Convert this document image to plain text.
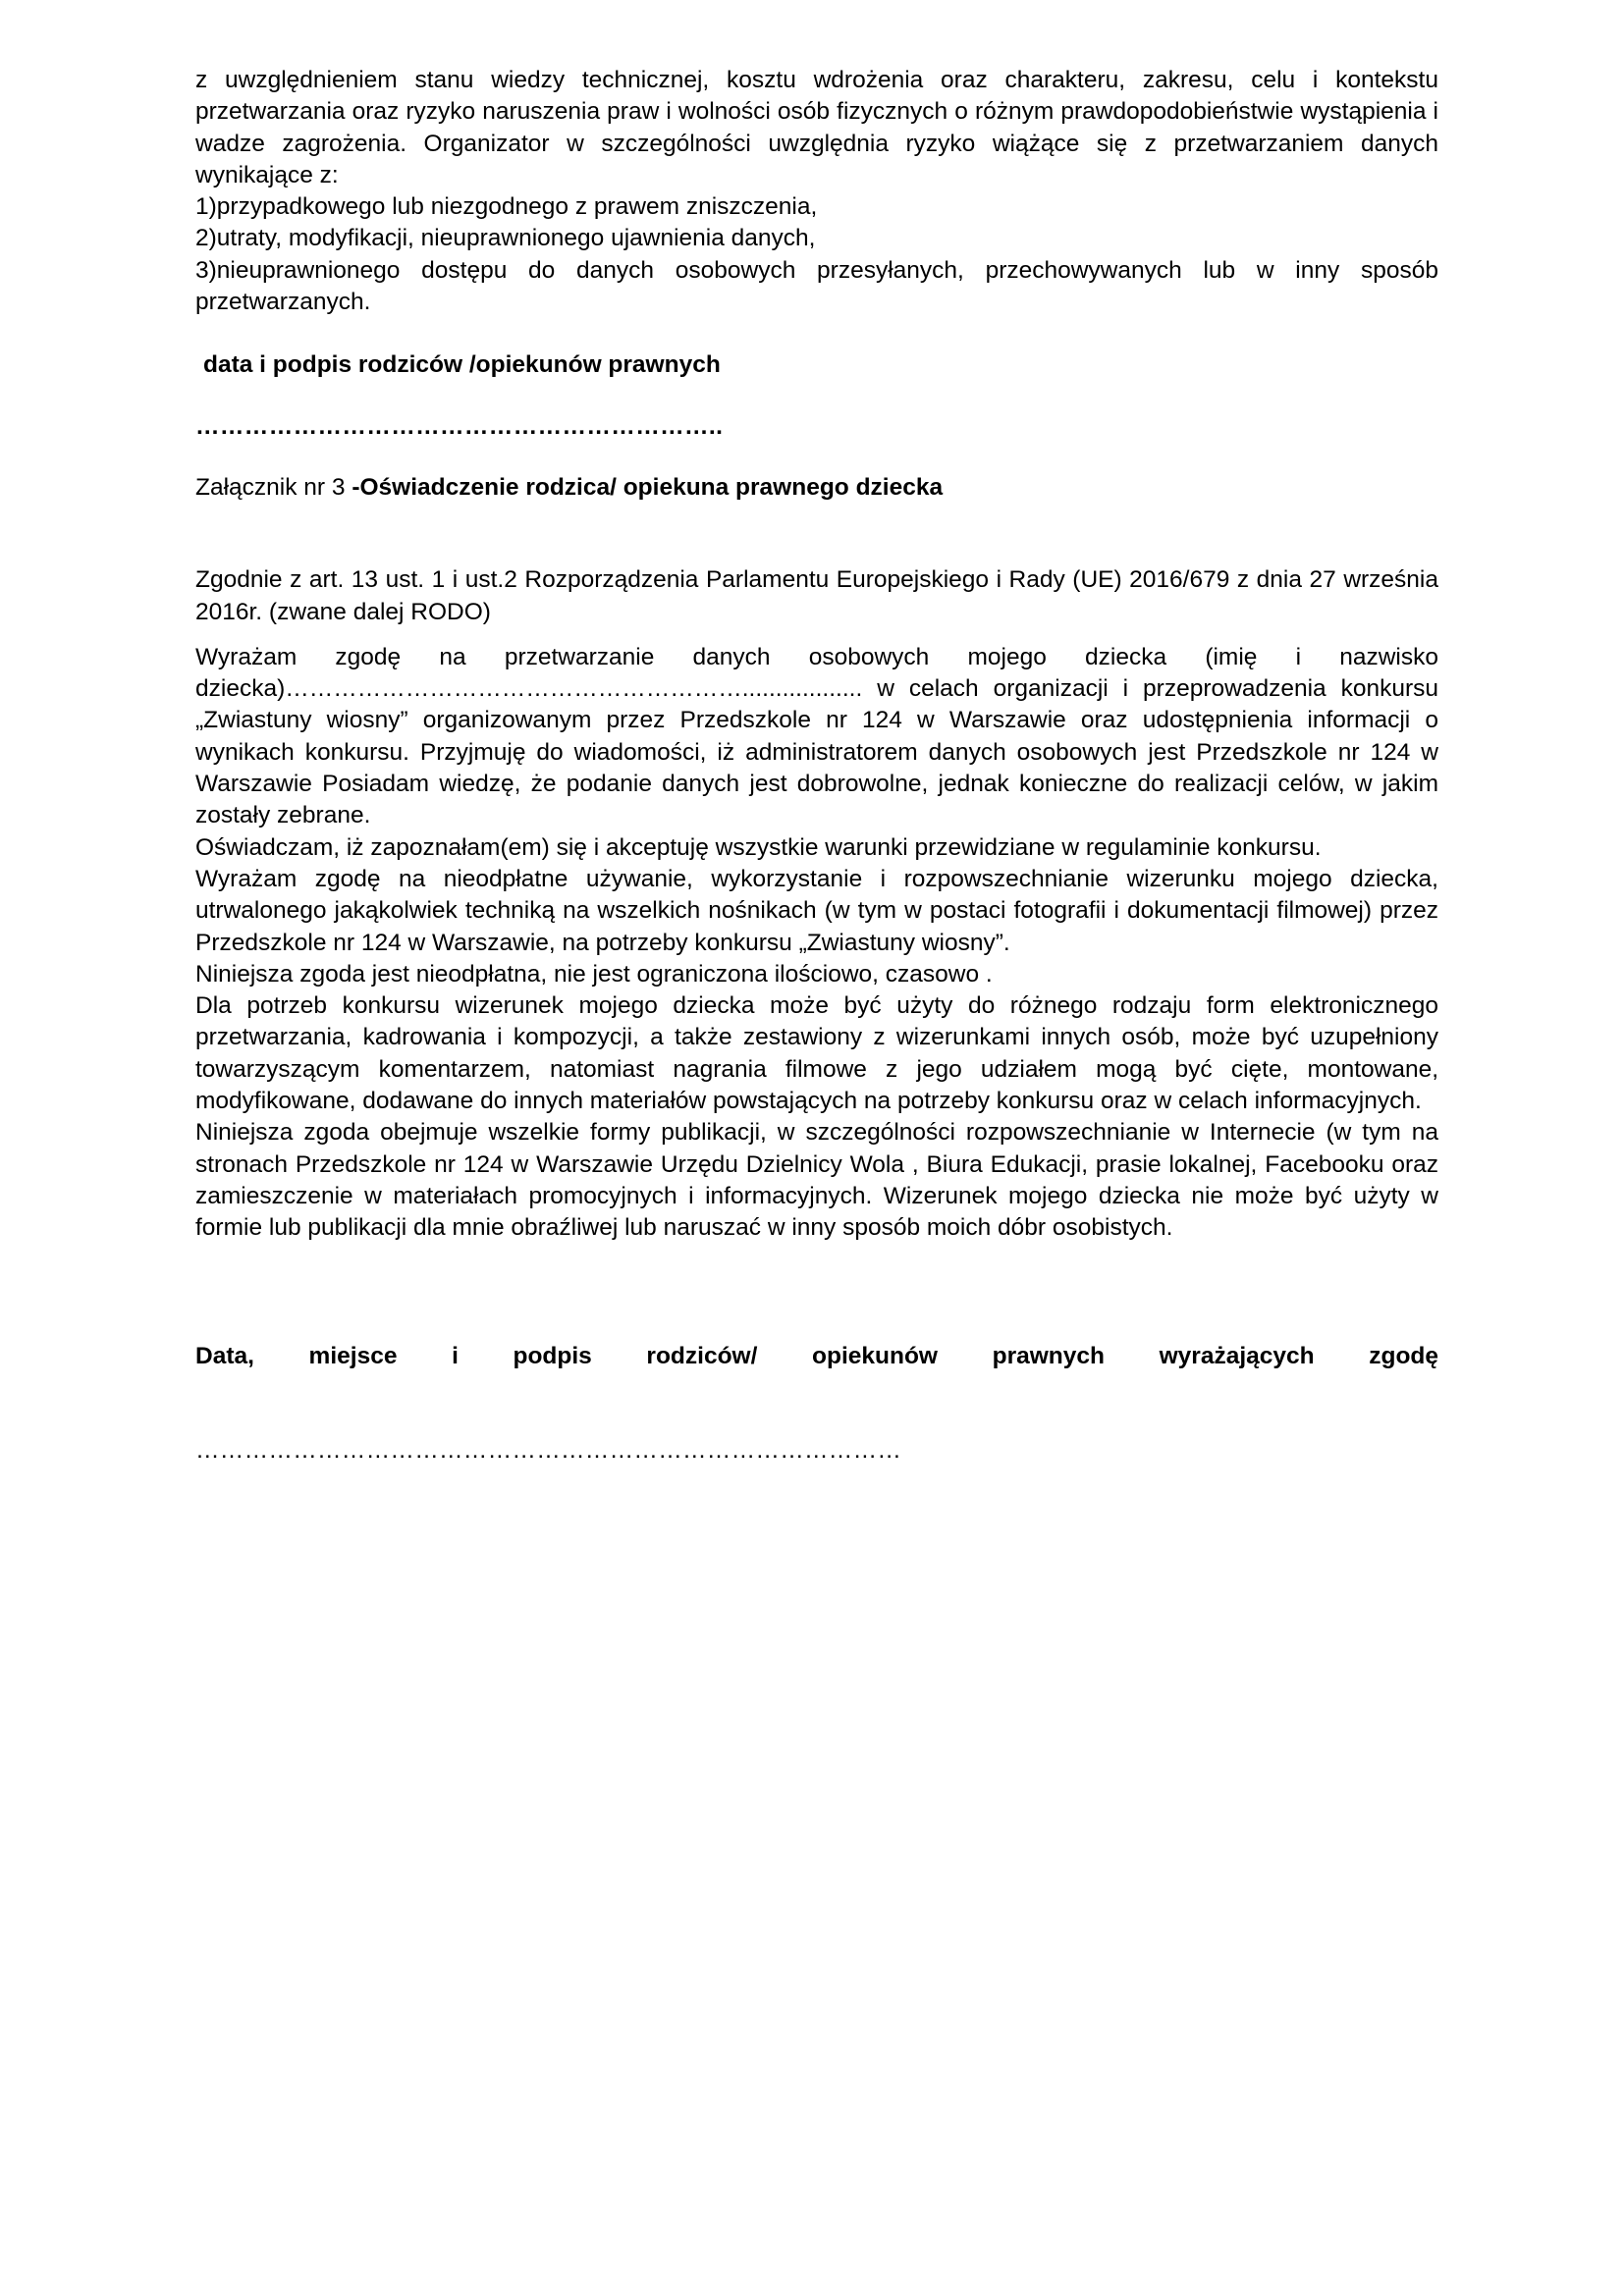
z uwzględnieniem stanu wiedzy technicznej, kosztu wdrożenia oraz charakteru, zakresu, celu i kontekstu przetwarzania oraz ryzyko naruszenia praw i wolności osób fizycznych o różnym prawdopodobieństwie wystąpienia i wadze zagrożenia. Organizator w szczególności uwzględnia ryzyko wiążące się z przetwarzaniem danych wynikające z:

1)przypadkowego lub niezgodnego z prawem zniszczenia,
2)utraty, modyfikacji, nieuprawnionego ujawnienia danych,
3)nieuprawnionego dostępu do danych osobowych przesyłanych, przechowywanych lub w inny sposób przetwarzanych.

data i podpis rodziców /opiekunów prawnych

………………………………………………………..

Załącznik nr 3 -Oświadczenie rodzica/ opiekuna prawnego dziecka

Zgodnie z art. 13 ust. 1 i ust.2 Rozporządzenia Parlamentu Europejskiego i Rady (UE) 2016/679 z dnia 27 września 2016r. (zwane dalej RODO)

Wyrażam zgodę na przetwarzanie danych osobowych mojego dziecka (imię i nazwisko dziecka)………………………………………………….................. w celach organizacji i przeprowadzenia konkursu „Zwiastuny wiosny” organizowanym przez Przedszkole nr 124 w Warszawie oraz udostępnienia informacji o wynikach konkursu. Przyjmuję do wiadomości, iż administratorem danych osobowych jest Przedszkole nr 124 w Warszawie Posiadam wiedzę, że podanie danych jest dobrowolne, jednak konieczne do realizacji celów, w jakim zostały zebrane.

Oświadczam, iż zapoznałam(em) się i akceptuję wszystkie warunki przewidziane w regulaminie konkursu.

Wyrażam zgodę na nieodpłatne używanie, wykorzystanie i rozpowszechnianie wizerunku mojego dziecka, utrwalonego jakąkolwiek techniką na wszelkich nośnikach (w tym w postaci fotografii i dokumentacji filmowej) przez Przedszkole nr 124 w Warszawie, na potrzeby konkursu „Zwiastuny wiosny”.

Niniejsza zgoda jest nieodpłatna, nie jest ograniczona ilościowo, czasowo .

Dla potrzeb konkursu wizerunek mojego dziecka może być użyty do różnego rodzaju form elektronicznego przetwarzania, kadrowania i kompozycji, a także zestawiony z wizerunkami innych osób, może być uzupełniony towarzyszącym komentarzem, natomiast nagrania filmowe z jego udziałem mogą być cięte, montowane, modyfikowane, dodawane do innych materiałów powstających na potrzeby konkursu oraz w celach informacyjnych.

Niniejsza zgoda obejmuje wszelkie formy publikacji, w szczególności rozpowszechnianie w Internecie (w tym na stronach Przedszkole nr 124 w Warszawie Urzędu Dzielnicy Wola , Biura Edukacji, prasie lokalnej, Facebooku oraz zamieszczenie w materiałach promocyjnych i informacyjnych. Wizerunek mojego dziecka nie może być użyty w formie lub publikacji dla mnie obraźliwej lub naruszać w inny sposób moich dóbr osobistych.

Data, miejsce i podpis rodziców/ opiekunów prawnych wyrażających zgodę

……………………………………………………………………………
